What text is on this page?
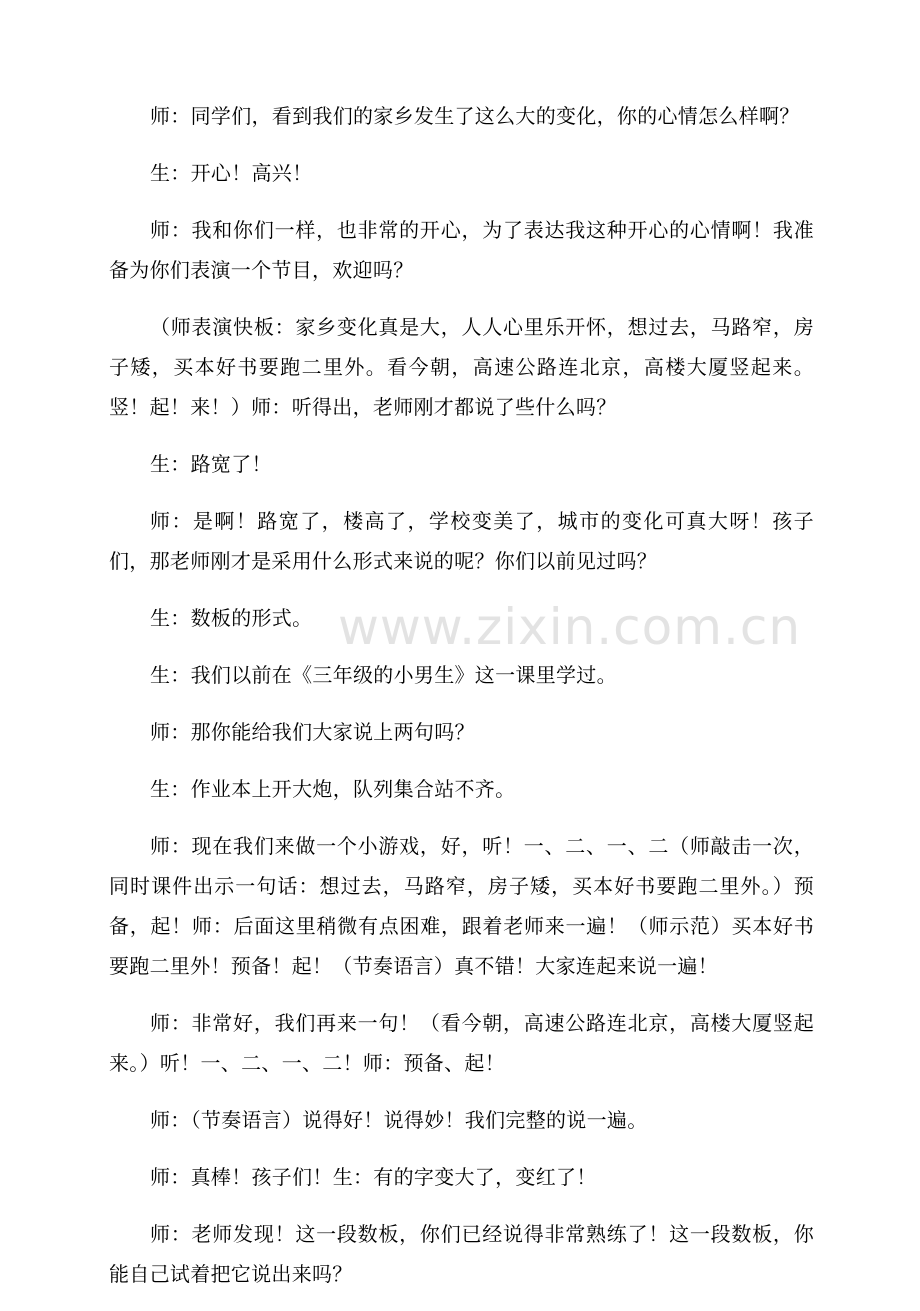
www.zixin.com.cn

师：同学们，看到我们的家乡发生了这么大的变化，你的心情怎么样啊？

生：开心！高兴！

师：我和你们一样，也非常的开心，为了表达我这种开心的心情啊！我准备为你们表演一个节目，欢迎吗？

（师表演快板：家乡变化真是大，人人心里乐开怀，想过去，马路窄，房子矮，买本好书要跑二里外。看今朝，高速公路连北京，高楼大厦竖起来。竖！起！来！）师：听得出，老师刚才都说了些什么吗？

生：路宽了！

师：是啊！路宽了，楼高了，学校变美了，城市的变化可真大呀！孩子们，那老师刚才是采用什么形式来说的呢？你们以前见过吗？

生：数板的形式。

生：我们以前在《三年级的小男生》这一课里学过。

师：那你能给我们大家说上两句吗？

生：作业本上开大炮，队列集合站不齐。

师：现在我们来做一个小游戏，好，听！一、二、一、二（师敲击一次，同时课件出示一句话：想过去，马路窄，房子矮，买本好书要跑二里外。）预备，起！师：后面这里稍微有点困难，跟着老师来一遍！（师示范）买本好书要跑二里外！预备！起！（节奏语言）真不错！大家连起来说一遍！

师：非常好，我们再来一句！（看今朝，高速公路连北京，高楼大厦竖起来。）听！一、二、一、二！师：预备、起！

师：（节奏语言）说得好！说得妙！我们完整的说一遍。

师：真棒！孩子们！生：有的字变大了，变红了！

师：老师发现！这一段数板，你们已经说得非常熟练了！这一段数板，你能自己试着把它说出来吗？
